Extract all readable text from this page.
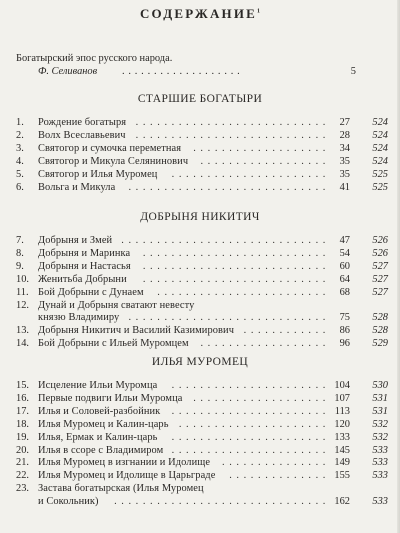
СОДЕРЖАНИЕ$^1$
Богатырский эпос русского народа.
Ф. Селиванов . . . . . . . . . . . . . . . . . . .	5
СТАРШИЕ БОГАТЫРИ
1.	Рождение богатыря	27	524
...........................
2.	Волх Всеславьевич	28	524
...........................
3.	Святогор и сумочка переметная	34	524
...................
4.	Святогор и Микула Селянинович	35	524
..................
5.	Святогор и Илья Муромец	35	525
......................
6.	Вольга и Микула	41	525
............................
ДОБРЫНЯ НИКИТИЧ
7.	Добрыня и Змей	47	526
.............................
8.	Добрыня и Маринка	54	526
..........................
9.	Добрыня и Настасья	60	527
..........................
10. Женитьба Добрыни	64	527
..........................
11. Бой Добрыни с Дунаем	68	527
........................
12. Дунай и Добрыня сватают невесту
князю Владимиру	75	528
............................
13. Добрыня Никитич и Василий Казимирович	86	528
............
14. Бой Добрыни с Ильей Муромцем	96	529
..................
ИЛЬЯ МУРОМЕЦ
15. Исцеление Ильи Муромца	104	530
......................
16. Первые подвиги Ильи Муромца	107	531
...................
17. Илья и Соловей-разбойник	113	531
......................
18. Илья Муромец и Калин-царь	120	532
.....................
19. Илья, Ермак и Калин-царь	133	532
......................
20. Илья в ссоре с Владимиром	145	533
......................
21. Илья Муромец в изгнании и Идолище	149	533
...............
22. Илья Муромец и Идолище в Царьграде	155	533
..............
23. Застава богатырская (Илья Муромец
и Сокольник)	162	533
..............................
